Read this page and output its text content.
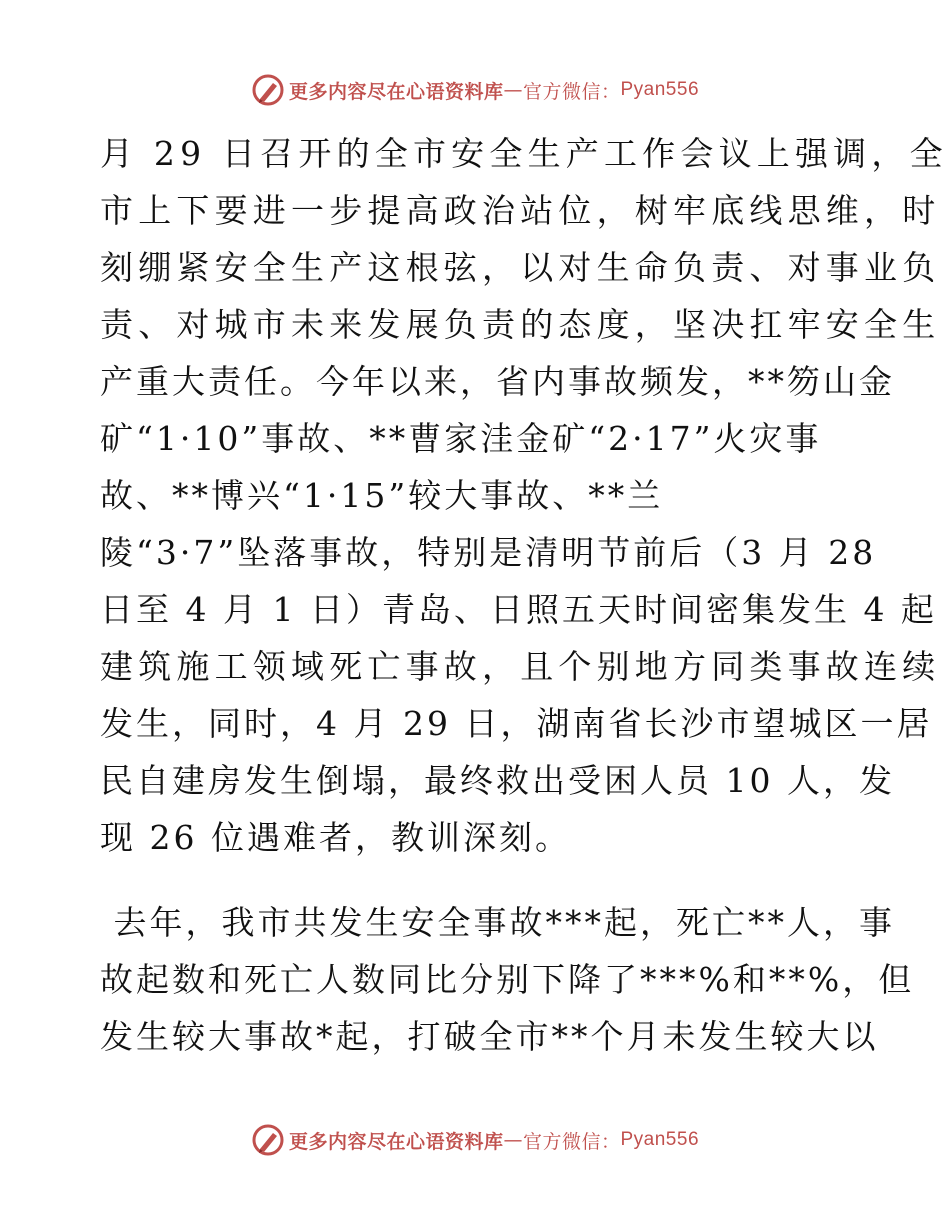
更多内容尽在心语资料库 — 官方微信： Pyan556
月 29 日召开的全市安全生产工作会议上强调，全
市上下要进一步提高政治站位，树牢底线思维，时
刻绷紧安全生产这根弦，以对生命负责、对事业负
责、对城市未来发展负责的态度，坚决扛牢安全生
产重大责任。今年以来，省内事故频发，**笏山金
矿“1·10”事故、**曹家洼金矿“2·17”火灾事
故、**博兴“1·15”较大事故、**兰
陵“3·7”坠落事故，特别是清明节前后（3 月 28
日至 4 月 1 日）青岛、日照五天时间密集发生 4 起
建筑施工领域死亡事故，且个别地方同类事故连续
发生，同时，4 月 29 日，湖南省长沙市望城区一居
民自建房发生倒塌，最终救出受困人员 10 人，发
现 26 位遇难者，教训深刻。
去年，我市共发生安全事故***起，死亡**人，事
故起数和死亡人数同比分别下降了***%和**%，但
发生较大事故*起，打破全市**个月未发生较大以
更多内容尽在心语资料库 — 官方微信： Pyan556
